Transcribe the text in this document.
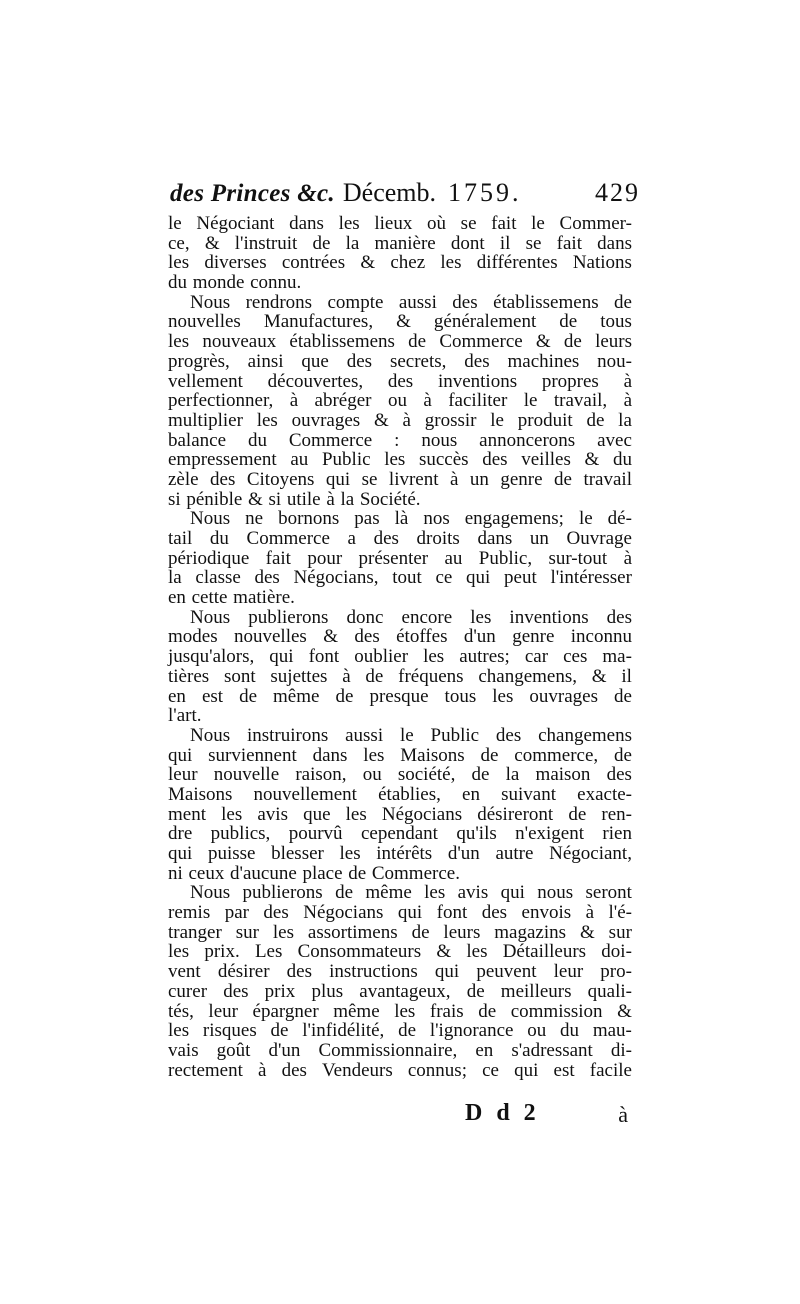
des Princes &c. Décemb. 1759.	429
le Négociant dans les lieux où se fait le Commer-
ce, & l'instruit de la manière dont il se fait dans
les diverses contrées & chez les différentes Nations
du monde connu.
Nous rendrons compte aussi des établissemens de
nouvelles Manufactures, & généralement de tous
les nouveaux établissemens de Commerce & de leurs
progrès, ainsi que des secrets, des machines nou-
vellement découvertes, des inventions propres à
perfectionner, à abréger ou à faciliter le travail, à
multiplier les ouvrages & à grossir le produit de la
balance du Commerce : nous annoncerons avec
empressement au Public les succès des veilles & du
zèle des Citoyens qui se livrent à un genre de travail
si pénible & si utile à la Société.
Nous ne bornons pas là nos engagemens; le dé-
tail du Commerce a des droits dans un Ouvrage
périodique fait pour présenter au Public, sur-tout à
la classe des Négocians, tout ce qui peut l'intéresser
en cette matière.
Nous publierons donc encore les inventions des
modes nouvelles & des étoffes d'un genre inconnu
jusqu'alors, qui font oublier les autres; car ces ma-
tières sont sujettes à de fréquens changemens, & il
en est de même de presque tous les ouvrages de
l'art.
Nous instruirons aussi le Public des changemens
qui surviennent dans les Maisons de commerce, de
leur nouvelle raison, ou société, de la maison des
Maisons nouvellement établies, en suivant exacte-
ment les avis que les Négocians désireront de ren-
dre publics, pourvû cependant qu'ils n'exigent rien
qui puisse blesser les intérêts d'un autre Négociant,
ni ceux d'aucune place de Commerce.
Nous publierons de même les avis qui nous seront
remis par des Négocians qui font des envois à l'é-
tranger sur les assortimens de leurs magazins & sur
les prix. Les Consommateurs & les Détailleurs doi-
vent désirer des instructions qui peuvent leur pro-
curer des prix plus avantageux, de meilleurs quali-
tés, leur épargner même les frais de commission &
les risques de l'infidélité, de l'ignorance ou du mau-
vais goût d'un Commissionnaire, en s'adressant di-
rectement à des Vendeurs connus; ce qui est facile
D d 2	à
